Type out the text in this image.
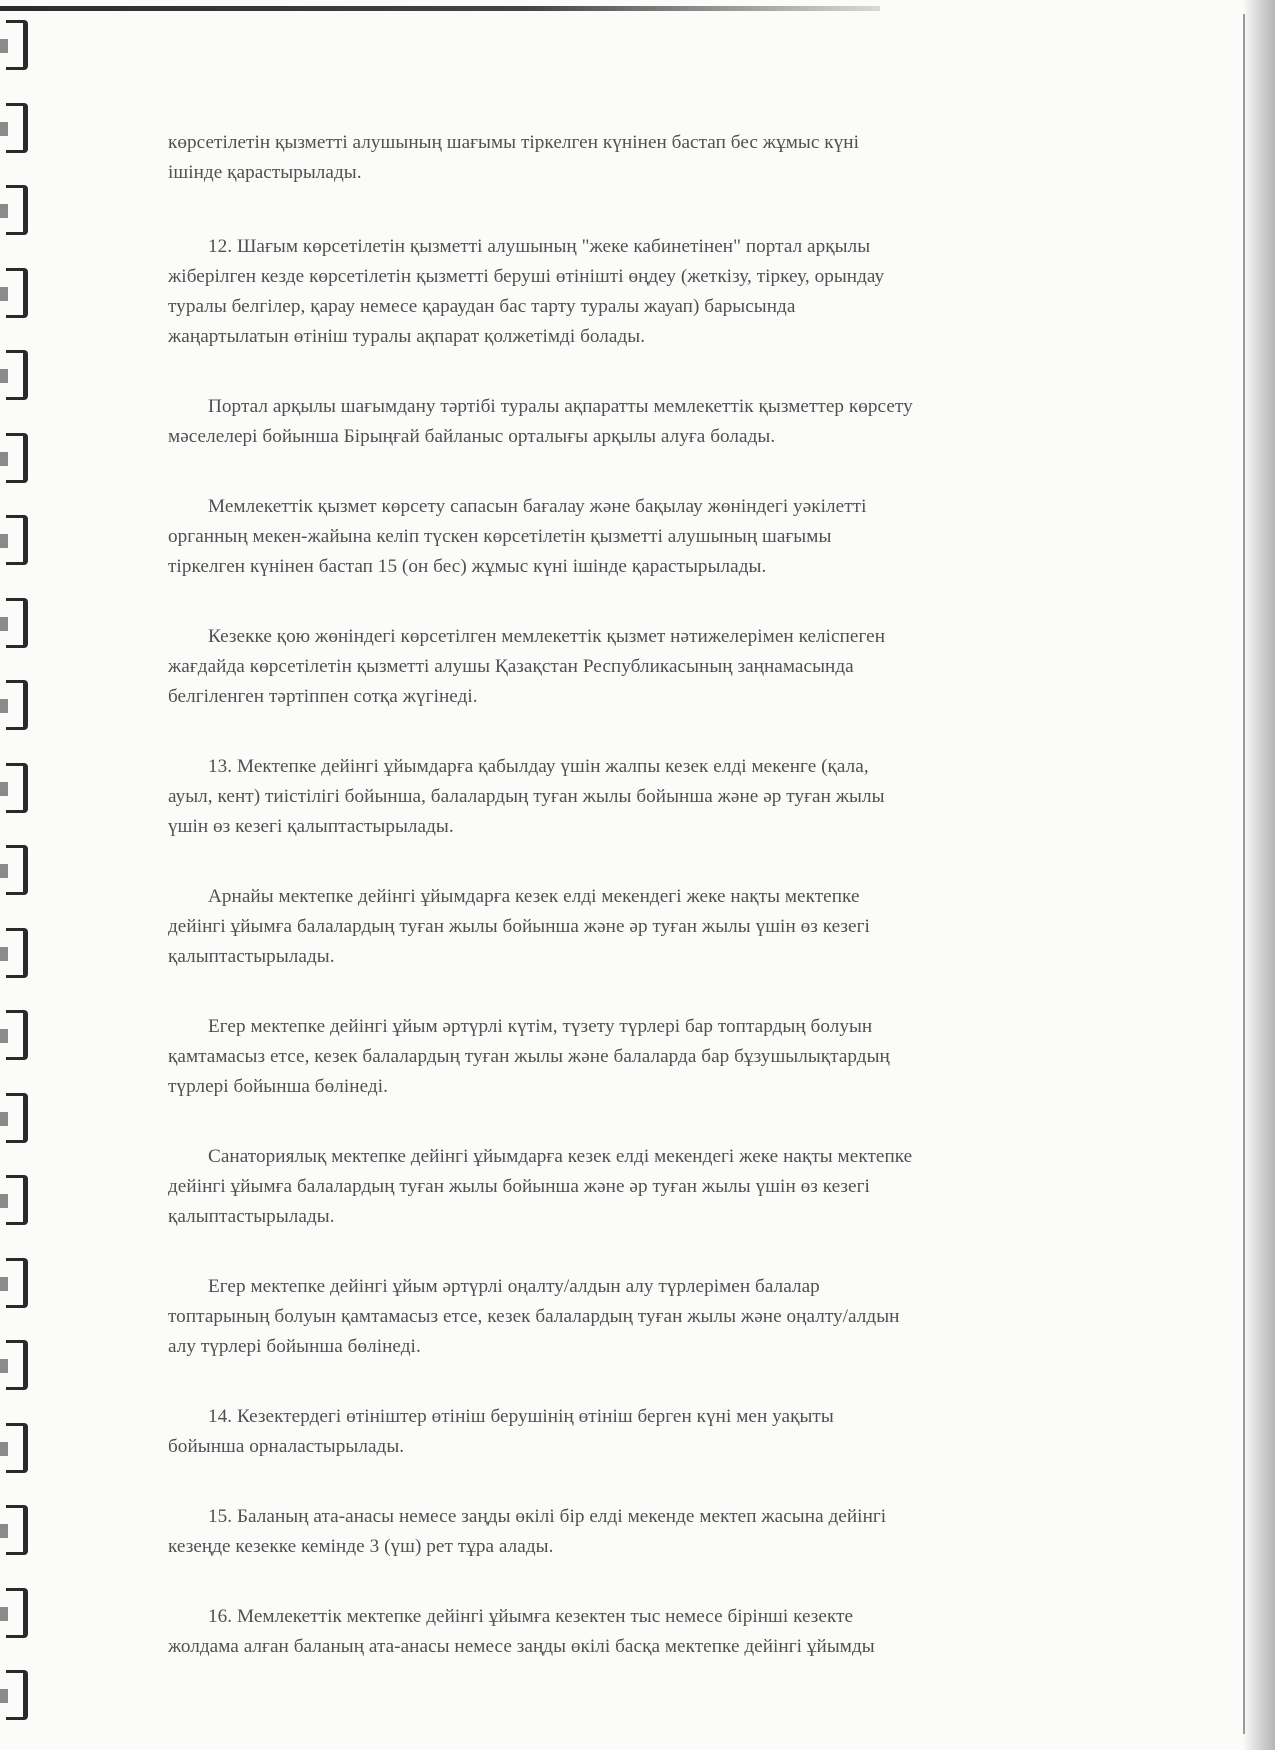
көрсетілетін қызметті алушының шағымы тіркелген күнінен бастап бес жұмыс күні
ішінде қарастырылады.

12. Шағым көрсетілетін қызметті алушының "жеке кабинетінен" портал арқылы
жіберілген кезде көрсетілетін қызметті беруші өтінішті өңдеу (жеткізу, тіркеу, орындау
туралы белгілер, қарау немесе қараудан бас тарту туралы жауап) барысында
жаңартылатын өтініш туралы ақпарат қолжетімді болады.

Портал арқылы шағымдану тәртібі туралы ақпаратты мемлекеттік қызметтер көрсету
мәселелері бойынша Бірыңғай байланыс орталығы арқылы алуға болады.

Мемлекеттік қызмет көрсету сапасын бағалау және бақылау жөніндегі уәкілетті
органның мекен-жайына келіп түскен көрсетілетін қызметті алушының шағымы
тіркелген күнінен бастап 15 (он бес) жұмыс күні ішінде қарастырылады.

Кезекке қою жөніндегі көрсетілген мемлекеттік қызмет нәтижелерімен келіспеген
жағдайда көрсетілетін қызметті алушы Қазақстан Республикасының заңнамасында
белгіленген тәртіппен сотқа жүгінеді.

13. Мектепке дейінгі ұйымдарға қабылдау үшін жалпы кезек елді мекенге (қала,
ауыл, кент) тиістілігі бойынша, балалардың туған жылы бойынша және әр туған жылы
үшін өз кезегі қалыптастырылады.

Арнайы мектепке дейінгі ұйымдарға кезек елді мекендегі жеке нақты мектепке
дейінгі ұйымға балалардың туған жылы бойынша және әр туған жылы үшін өз кезегі
қалыптастырылады.

Егер мектепке дейінгі ұйым әртүрлі күтім, түзету түрлері бар топтардың болуын
қамтамасыз етсе, кезек балалардың туған жылы және балаларда бар бұзушылықтардың
түрлері бойынша бөлінеді.

Санаториялық мектепке дейінгі ұйымдарға кезек елді мекендегі жеке нақты мектепке
дейінгі ұйымға балалардың туған жылы бойынша және әр туған жылы үшін өз кезегі
қалыптастырылады.

Егер мектепке дейінгі ұйым әртүрлі оңалту/алдын алу түрлерімен балалар
топтарының болуын қамтамасыз етсе, кезек балалардың туған жылы және оңалту/алдын
алу түрлері бойынша бөлінеді.

14. Кезектердегі өтініштер өтініш берушінің өтініш берген күні мен уақыты
бойынша орналастырылады.

15. Баланың ата-анасы немесе заңды өкілі бір елді мекенде мектеп жасына дейінгі
кезеңде кезекке кемінде 3 (үш) рет тұра алады.

16. Мемлекеттік мектепке дейінгі ұйымға кезектен тыс немесе бірінші кезекте
жолдама алған баланың ата-анасы немесе заңды өкілі басқа мектепке дейінгі ұйымды
